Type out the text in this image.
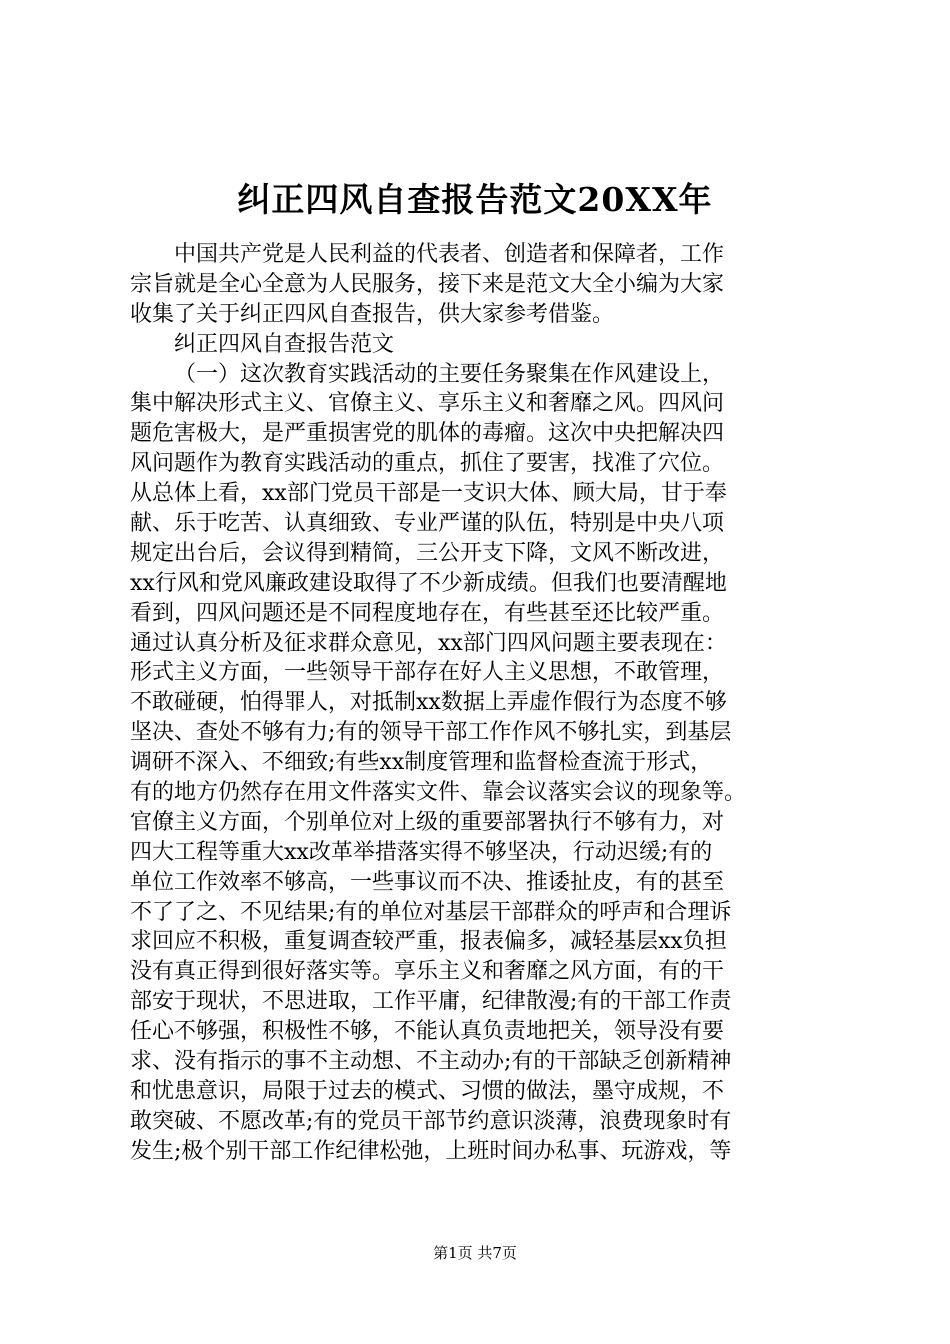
纠正四风自查报告范文20XX年
中国共产党是人民利益的代表者、创造者和保障者，工作
宗旨就是全心全意为人民服务，接下来是范文大全小编为大家
收集了关于纠正四风自查报告，供大家参考借鉴。
纠正四风自查报告范文
（一）这次教育实践活动的主要任务聚集在作风建设上，
集中解决形式主义、官僚主义、享乐主义和奢靡之风。四风问
题危害极大，是严重损害党的肌体的毒瘤。这次中央把解决四
风问题作为教育实践活动的重点，抓住了要害，找准了穴位。
从总体上看，xx部门党员干部是一支识大体、顾大局，甘于奉
献、乐于吃苦、认真细致、专业严谨的队伍，特别是中央八项
规定出台后，会议得到精简，三公开支下降，文风不断改进，
xx行风和党风廉政建设取得了不少新成绩。但我们也要清醒地
看到，四风问题还是不同程度地存在，有些甚至还比较严重。
通过认真分析及征求群众意见，xx部门四风问题主要表现在：
形式主义方面，一些领导干部存在好人主义思想，不敢管理，
不敢碰硬，怕得罪人，对抵制xx数据上弄虚作假行为态度不够
坚决、查处不够有力;有的领导干部工作作风不够扎实，到基层
调研不深入、不细致;有些xx制度管理和监督检查流于形式，
有的地方仍然存在用文件落实文件、靠会议落实会议的现象等。
官僚主义方面，个别单位对上级的重要部署执行不够有力，对
四大工程等重大xx改革举措落实得不够坚决，行动迟缓;有的
单位工作效率不够高，一些事议而不决、推诿扯皮，有的甚至
不了了之、不见结果;有的单位对基层干部群众的呼声和合理诉
求回应不积极，重复调查较严重，报表偏多，减轻基层xx负担
没有真正得到很好落实等。享乐主义和奢靡之风方面，有的干
部安于现状，不思进取，工作平庸，纪律散漫;有的干部工作责
任心不够强，积极性不够，不能认真负责地把关，领导没有要
求、没有指示的事不主动想、不主动办;有的干部缺乏创新精神
和忧患意识，局限于过去的模式、习惯的做法，墨守成规，不
敢突破、不愿改革;有的党员干部节约意识淡薄，浪费现象时有
发生;极个别干部工作纪律松弛，上班时间办私事、玩游戏，等
第1页 共7页
